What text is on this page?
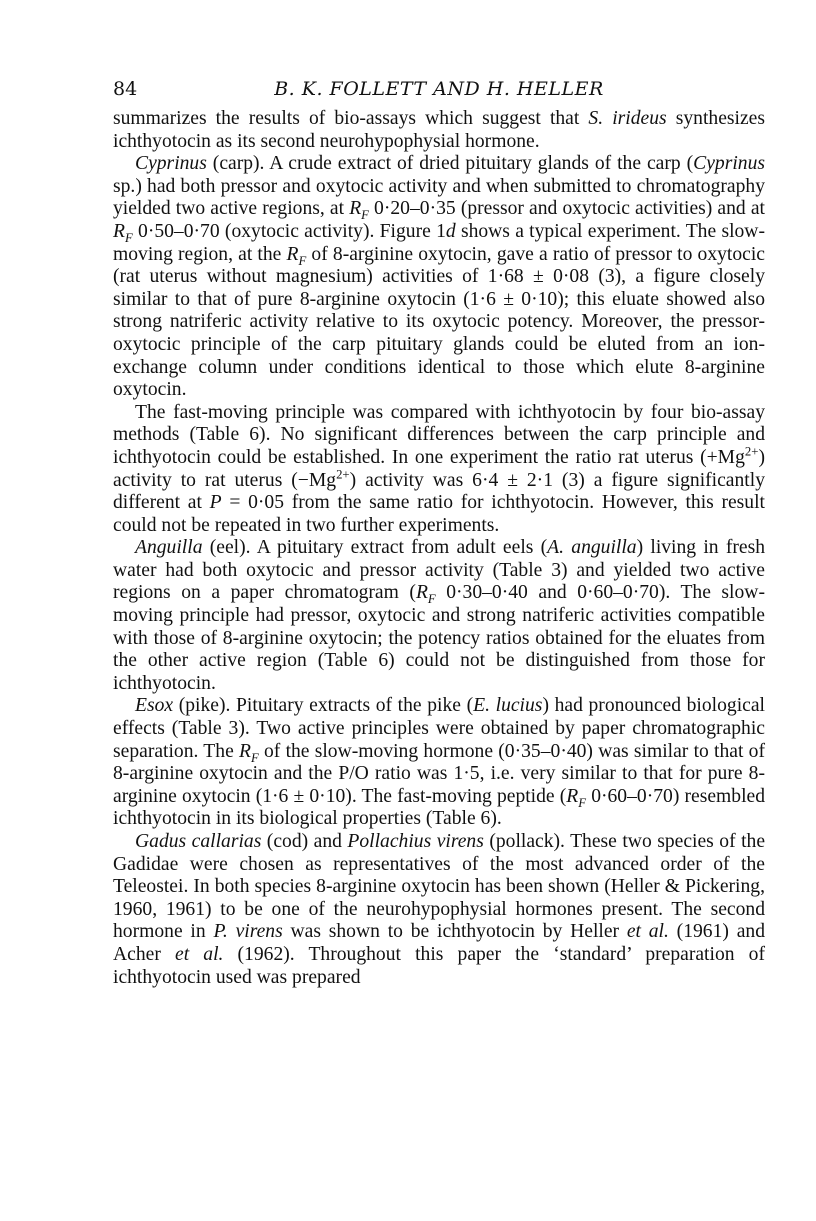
84	B. K. FOLLETT AND H. HELLER

summarizes the results of bio-assays which suggest that S. irideus synthesizes ichthyotocin as its second neurohypophysial hormone.

Cyprinus (carp). A crude extract of dried pituitary glands of the carp (Cyprinus sp.) had both pressor and oxytocic activity and when submitted to chromatography yielded two active regions, at $R_F$ 0·20–0·35 (pressor and oxytocic activities) and at $R_F$ 0·50–0·70 (oxytocic activity). Figure 1d shows a typical experiment. The slow-moving region, at the $R_F$ of 8-arginine oxytocin, gave a ratio of pressor to oxytocic (rat uterus without magnesium) activities of 1·68 ± 0·08 (3), a figure closely similar to that of pure 8-arginine oxytocin (1·6 ± 0·10); this eluate showed also strong natriferic activity relative to its oxytocic potency. Moreover, the pressor-oxytocic principle of the carp pituitary glands could be eluted from an ion-exchange column under conditions identical to those which elute 8-arginine oxytocin.

The fast-moving principle was compared with ichthyotocin by four bio-assay methods (Table 6). No significant differences between the carp principle and ichthyotocin could be established. In one experiment the ratio rat uterus $(+Mg^{2+})$ activity to rat uterus $(-Mg^{2+})$ activity was 6·4 ± 2·1 (3) a figure significantly different at P = 0·05 from the same ratio for ichthyotocin. However, this result could not be repeated in two further experiments.

Anguilla (eel). A pituitary extract from adult eels (A. anguilla) living in fresh water had both oxytocic and pressor activity (Table 3) and yielded two active regions on a paper chromatogram ($R_F$ 0·30–0·40 and 0·60–0·70). The slow-moving principle had pressor, oxytocic and strong natriferic activities compatible with those of 8-arginine oxytocin; the potency ratios obtained for the eluates from the other active region (Table 6) could not be distinguished from those for ichthyotocin.

Esox (pike). Pituitary extracts of the pike (E. lucius) had pronounced biological effects (Table 3). Two active principles were obtained by paper chromatographic separation. The $R_F$ of the slow-moving hormone (0·35–0·40) was similar to that of 8-arginine oxytocin and the P/O ratio was 1·5, i.e. very similar to that for pure 8-arginine oxytocin (1·6 ± 0·10). The fast-moving peptide ($R_F$ 0·60–0·70) resembled ichthyotocin in its biological properties (Table 6).

Gadus callarias (cod) and Pollachius virens (pollack). These two species of the Gadidae were chosen as representatives of the most advanced order of the Teleostei. In both species 8-arginine oxytocin has been shown (Heller & Pickering, 1960, 1961) to be one of the neurohypophysial hormones present. The second hormone in P. virens was shown to be ichthyotocin by Heller et al. (1961) and Acher et al. (1962). Throughout this paper the ‘standard’ preparation of ichthyotocin used was prepared
